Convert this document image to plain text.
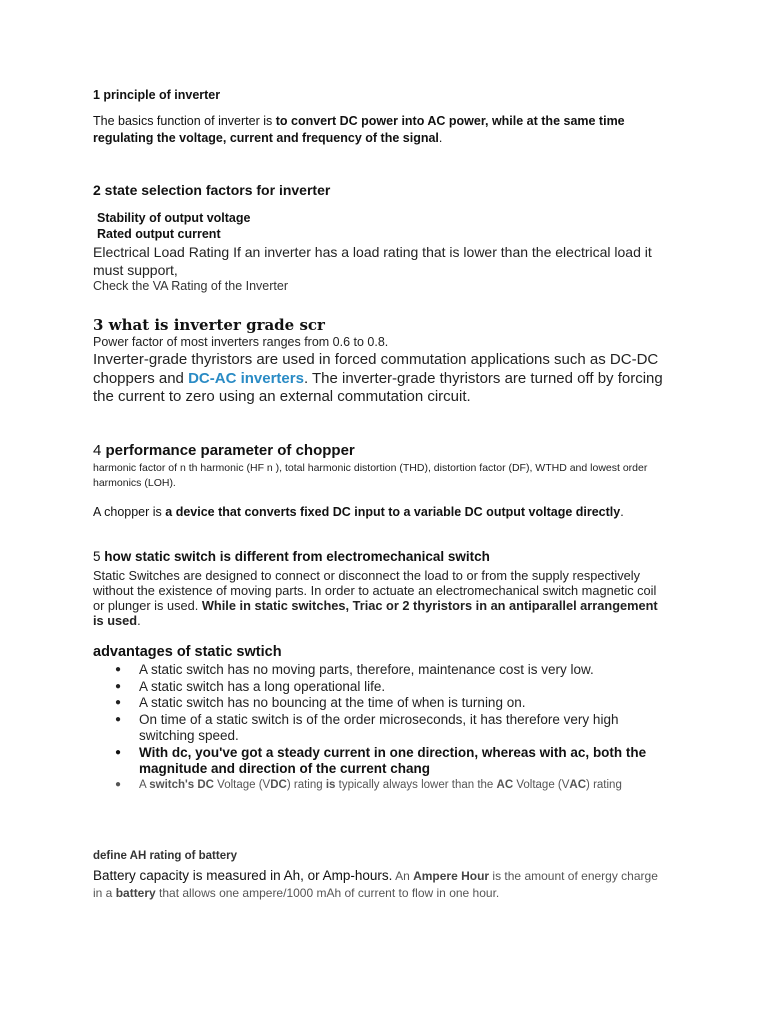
1 principle of inverter
The basics function of inverter is to convert DC power into AC power, while at the same time regulating the voltage, current and frequency of the signal.
2 state selection factors for inverter
Stability of output voltage
Rated output current
Electrical Load Rating If an inverter has a load rating that is lower than the electrical load it must support,
Check the VA Rating of the Inverter
3 what is inverter grade scr
Power factor of most inverters ranges from 0.6 to 0.8.
Inverter-grade thyristors are used in forced commutation applications such as DC-DC choppers and DC-AC inverters. The inverter-grade thyristors are turned off by forcing the current to zero using an external commutation circuit.
4 performance parameter of chopper
harmonic factor of n th harmonic (HF n ), total harmonic distortion (THD), distortion factor (DF), WTHD and lowest order harmonics (LOH).
A chopper is a device that converts fixed DC input to a variable DC output voltage directly.
5 how static switch is different from electromechanical switch
Static Switches are designed to connect or disconnect the load to or from the supply respectively without the existence of moving parts. In order to actuate an electromechanical switch magnetic coil or plunger is used. While in static switches, Triac or 2 thyristors in an antiparallel arrangement is used.
advantages of static swtich
● A static switch has no moving parts, therefore, maintenance cost is very low.
● A static switch has a long operational life.
● A static switch has no bouncing at the time of when is turning on.
● On time of a static switch is of the order microseconds, it has therefore very high switching speed.
● With dc, you've got a steady current in one direction, whereas with ac, both the magnitude and direction of the current chang
● A switch's DC Voltage (VDC) rating is typically always lower than the AC Voltage (VAC) rating
define AH rating of battery
Battery capacity is measured in Ah, or Amp-hours. An Ampere Hour is the amount of energy charge in a battery that allows one ampere/1000 mAh of current to flow in one hour.
